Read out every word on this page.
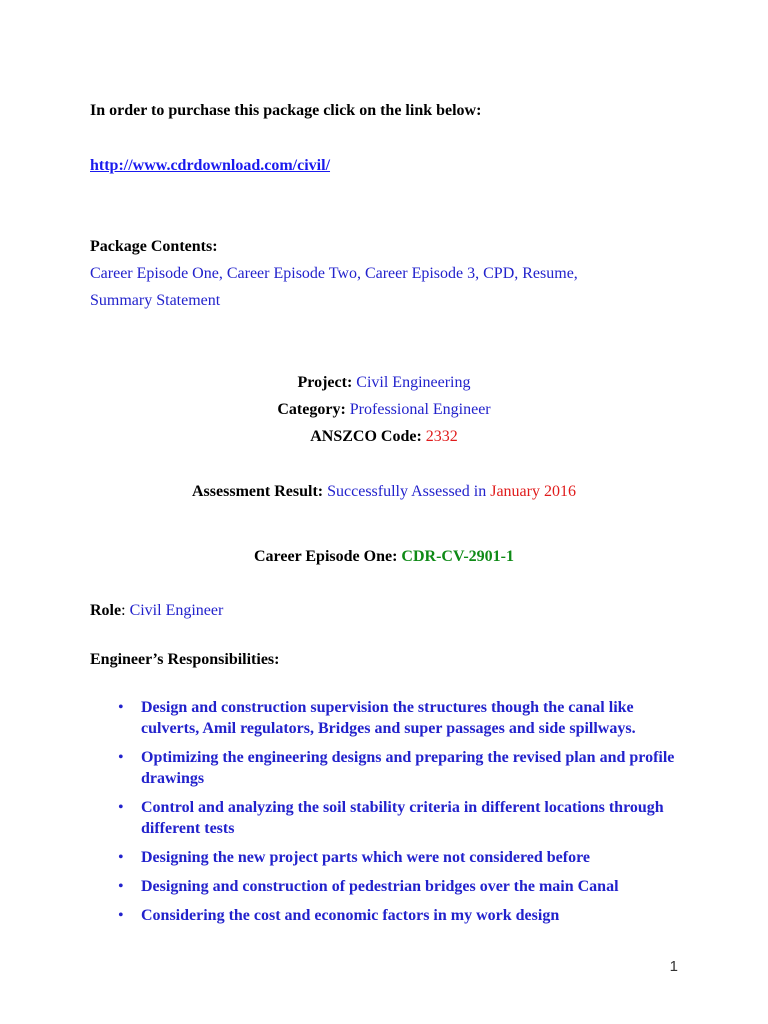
In order to purchase this package click on the link below:
http://www.cdrdownload.com/civil/
Package Contents:
Career Episode One, Career Episode Two, Career Episode 3, CPD, Resume,
Summary Statement
Project: Civil Engineering
Category: Professional Engineer
ANSZCO Code: 2332
Assessment Result: Successfully Assessed in January 2016
Career Episode One: CDR-CV-2901-1
Role: Civil Engineer
Engineer’s Responsibilities:
• Design and construction supervision the structures though the canal like culverts, Amil regulators, Bridges and super passages and side spillways.
• Optimizing the engineering designs and preparing the revised plan and profile drawings
• Control and analyzing the soil stability criteria in different locations through different tests
• Designing the new project parts which were not considered before
• Designing and construction of pedestrian bridges over the main Canal
• Considering the cost and economic factors in my work design
1
